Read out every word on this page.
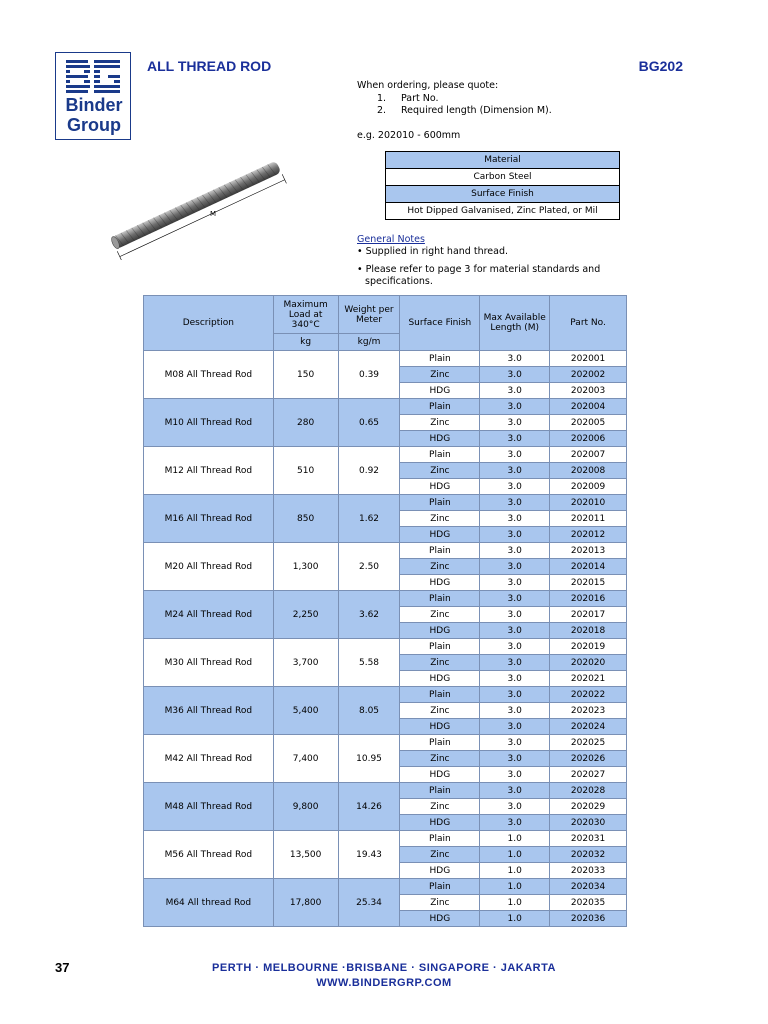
Binder
Group
ALL THREAD ROD	BG202
When ordering, please quote:
1.	Part No.
2.	Required length (Dimension M).
e.g. 202010 - 600mm
M
Material
Carbon Steel
Surface Finish
Hot Dipped Galvanised, Zinc Plated, or Mil
General Notes
• Supplied in right hand thread.
• Please refer to page 3 for material standards and specifications.
Description	Maximum Load at 340°C	Weight per Meter	Surface Finish	Max Available Length (M)	Part No.
	kg	kg/m			
M08 All Thread Rod	150	0.39	Plain	3.0	202001
			Zinc	3.0	202002
			HDG	3.0	202003
M10 All Thread Rod	280	0.65	Plain	3.0	202004
			Zinc	3.0	202005
			HDG	3.0	202006
M12 All Thread Rod	510	0.92	Plain	3.0	202007
			Zinc	3.0	202008
			HDG	3.0	202009
M16 All Thread Rod	850	1.62	Plain	3.0	202010
			Zinc	3.0	202011
			HDG	3.0	202012
M20 All Thread Rod	1,300	2.50	Plain	3.0	202013
			Zinc	3.0	202014
			HDG	3.0	202015
M24 All Thread Rod	2,250	3.62	Plain	3.0	202016
			Zinc	3.0	202017
			HDG	3.0	202018
M30 All Thread Rod	3,700	5.58	Plain	3.0	202019
			Zinc	3.0	202020
			HDG	3.0	202021
M36 All Thread Rod	5,400	8.05	Plain	3.0	202022
			Zinc	3.0	202023
			HDG	3.0	202024
M42 All Thread Rod	7,400	10.95	Plain	3.0	202025
			Zinc	3.0	202026
			HDG	3.0	202027
M48 All Thread Rod	9,800	14.26	Plain	3.0	202028
			Zinc	3.0	202029
			HDG	3.0	202030
M56 All Thread Rod	13,500	19.43	Plain	1.0	202031
			Zinc	1.0	202032
			HDG	1.0	202033
M64 All thread Rod	17,800	25.34	Plain	1.0	202034
			Zinc	1.0	202035
			HDG	1.0	202036
37	PERTH · MELBOURNE ·BRISBANE · SINGAPORE · JAKARTA
WWW.BINDERGRP.COM
